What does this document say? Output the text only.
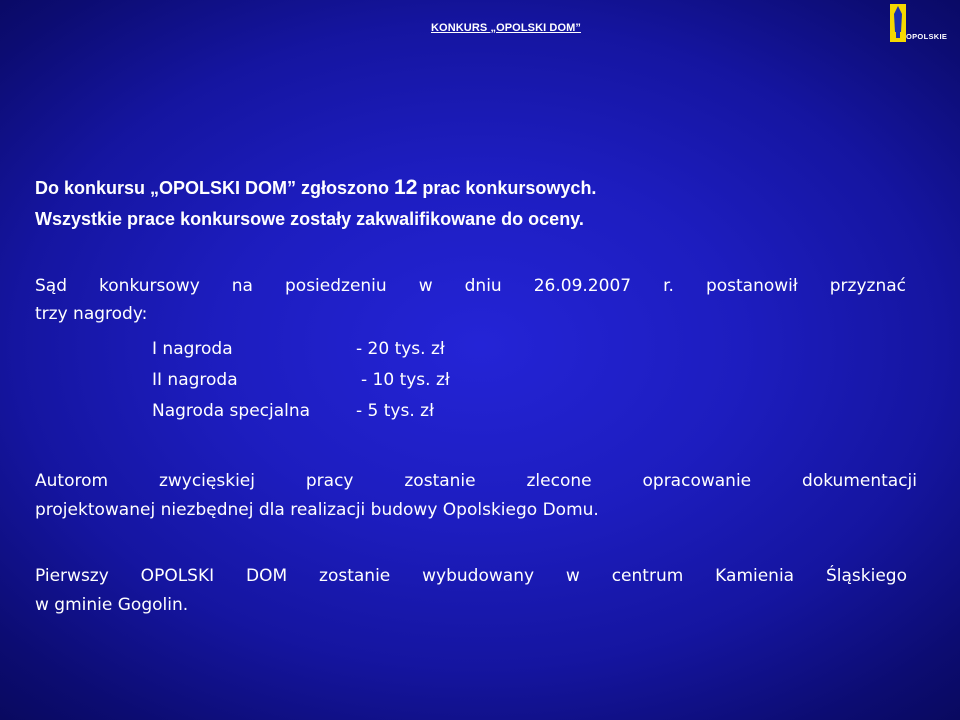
KONKURS „OPOLSKI DOM”
OPOLSKIE
Do konkursu „OPOLSKI DOM” zgłoszono 12 prac konkursowych.
Wszystkie prace konkursowe zostały zakwalifikowane do oceny.
Sąd konkursowy na posiedzeniu w dniu 26.09.2007 r. postanowił przyznać
trzy nagrody:
I nagroda	- 20 tys. zł
II nagroda	- 10 tys. zł
Nagroda specjalna	- 5 tys. zł
Autorom zwycięskiej pracy zostanie zlecone opracowanie dokumentacji
projektowanej niezbędnej dla realizacji budowy Opolskiego Domu.
Pierwszy OPOLSKI DOM zostanie wybudowany w centrum Kamienia Śląskiego
w gminie Gogolin.
